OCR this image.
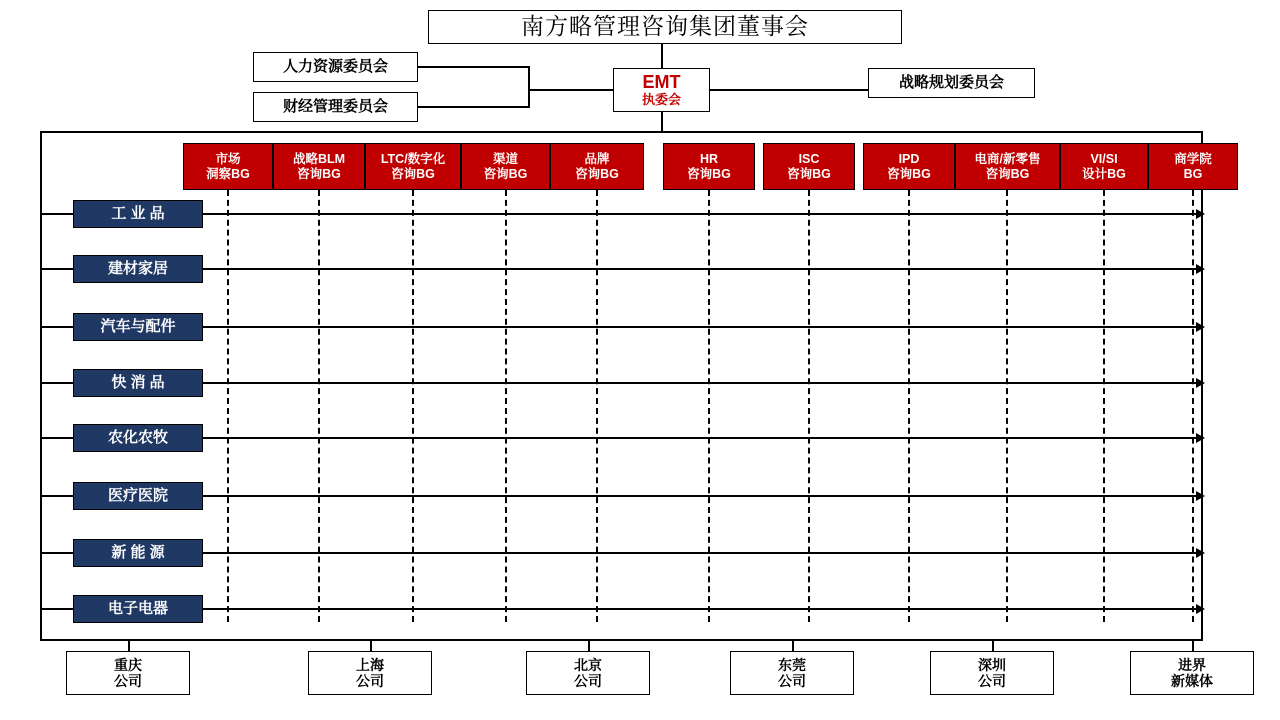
南方略管理咨询集团董事会
EMT
执委会
人力资源委员会
财经管理委员会
战略规划委员会
市场
洞察BG
战略BLM
咨询BG
LTC/数字化
咨询BG
渠道
咨询BG
品牌
咨询BG
HR
咨询BG
ISC
咨询BG
IPD
咨询BG
电商/新零售
咨询BG
VI/SI
设计BG
商学院
BG
工 业 品
建材家居
汽车与配件
快 消 品
农化农牧
医疗医院
新 能 源
电子电器
重庆
公司
上海
公司
北京
公司
东莞
公司
深圳
公司
进界
新媒体
